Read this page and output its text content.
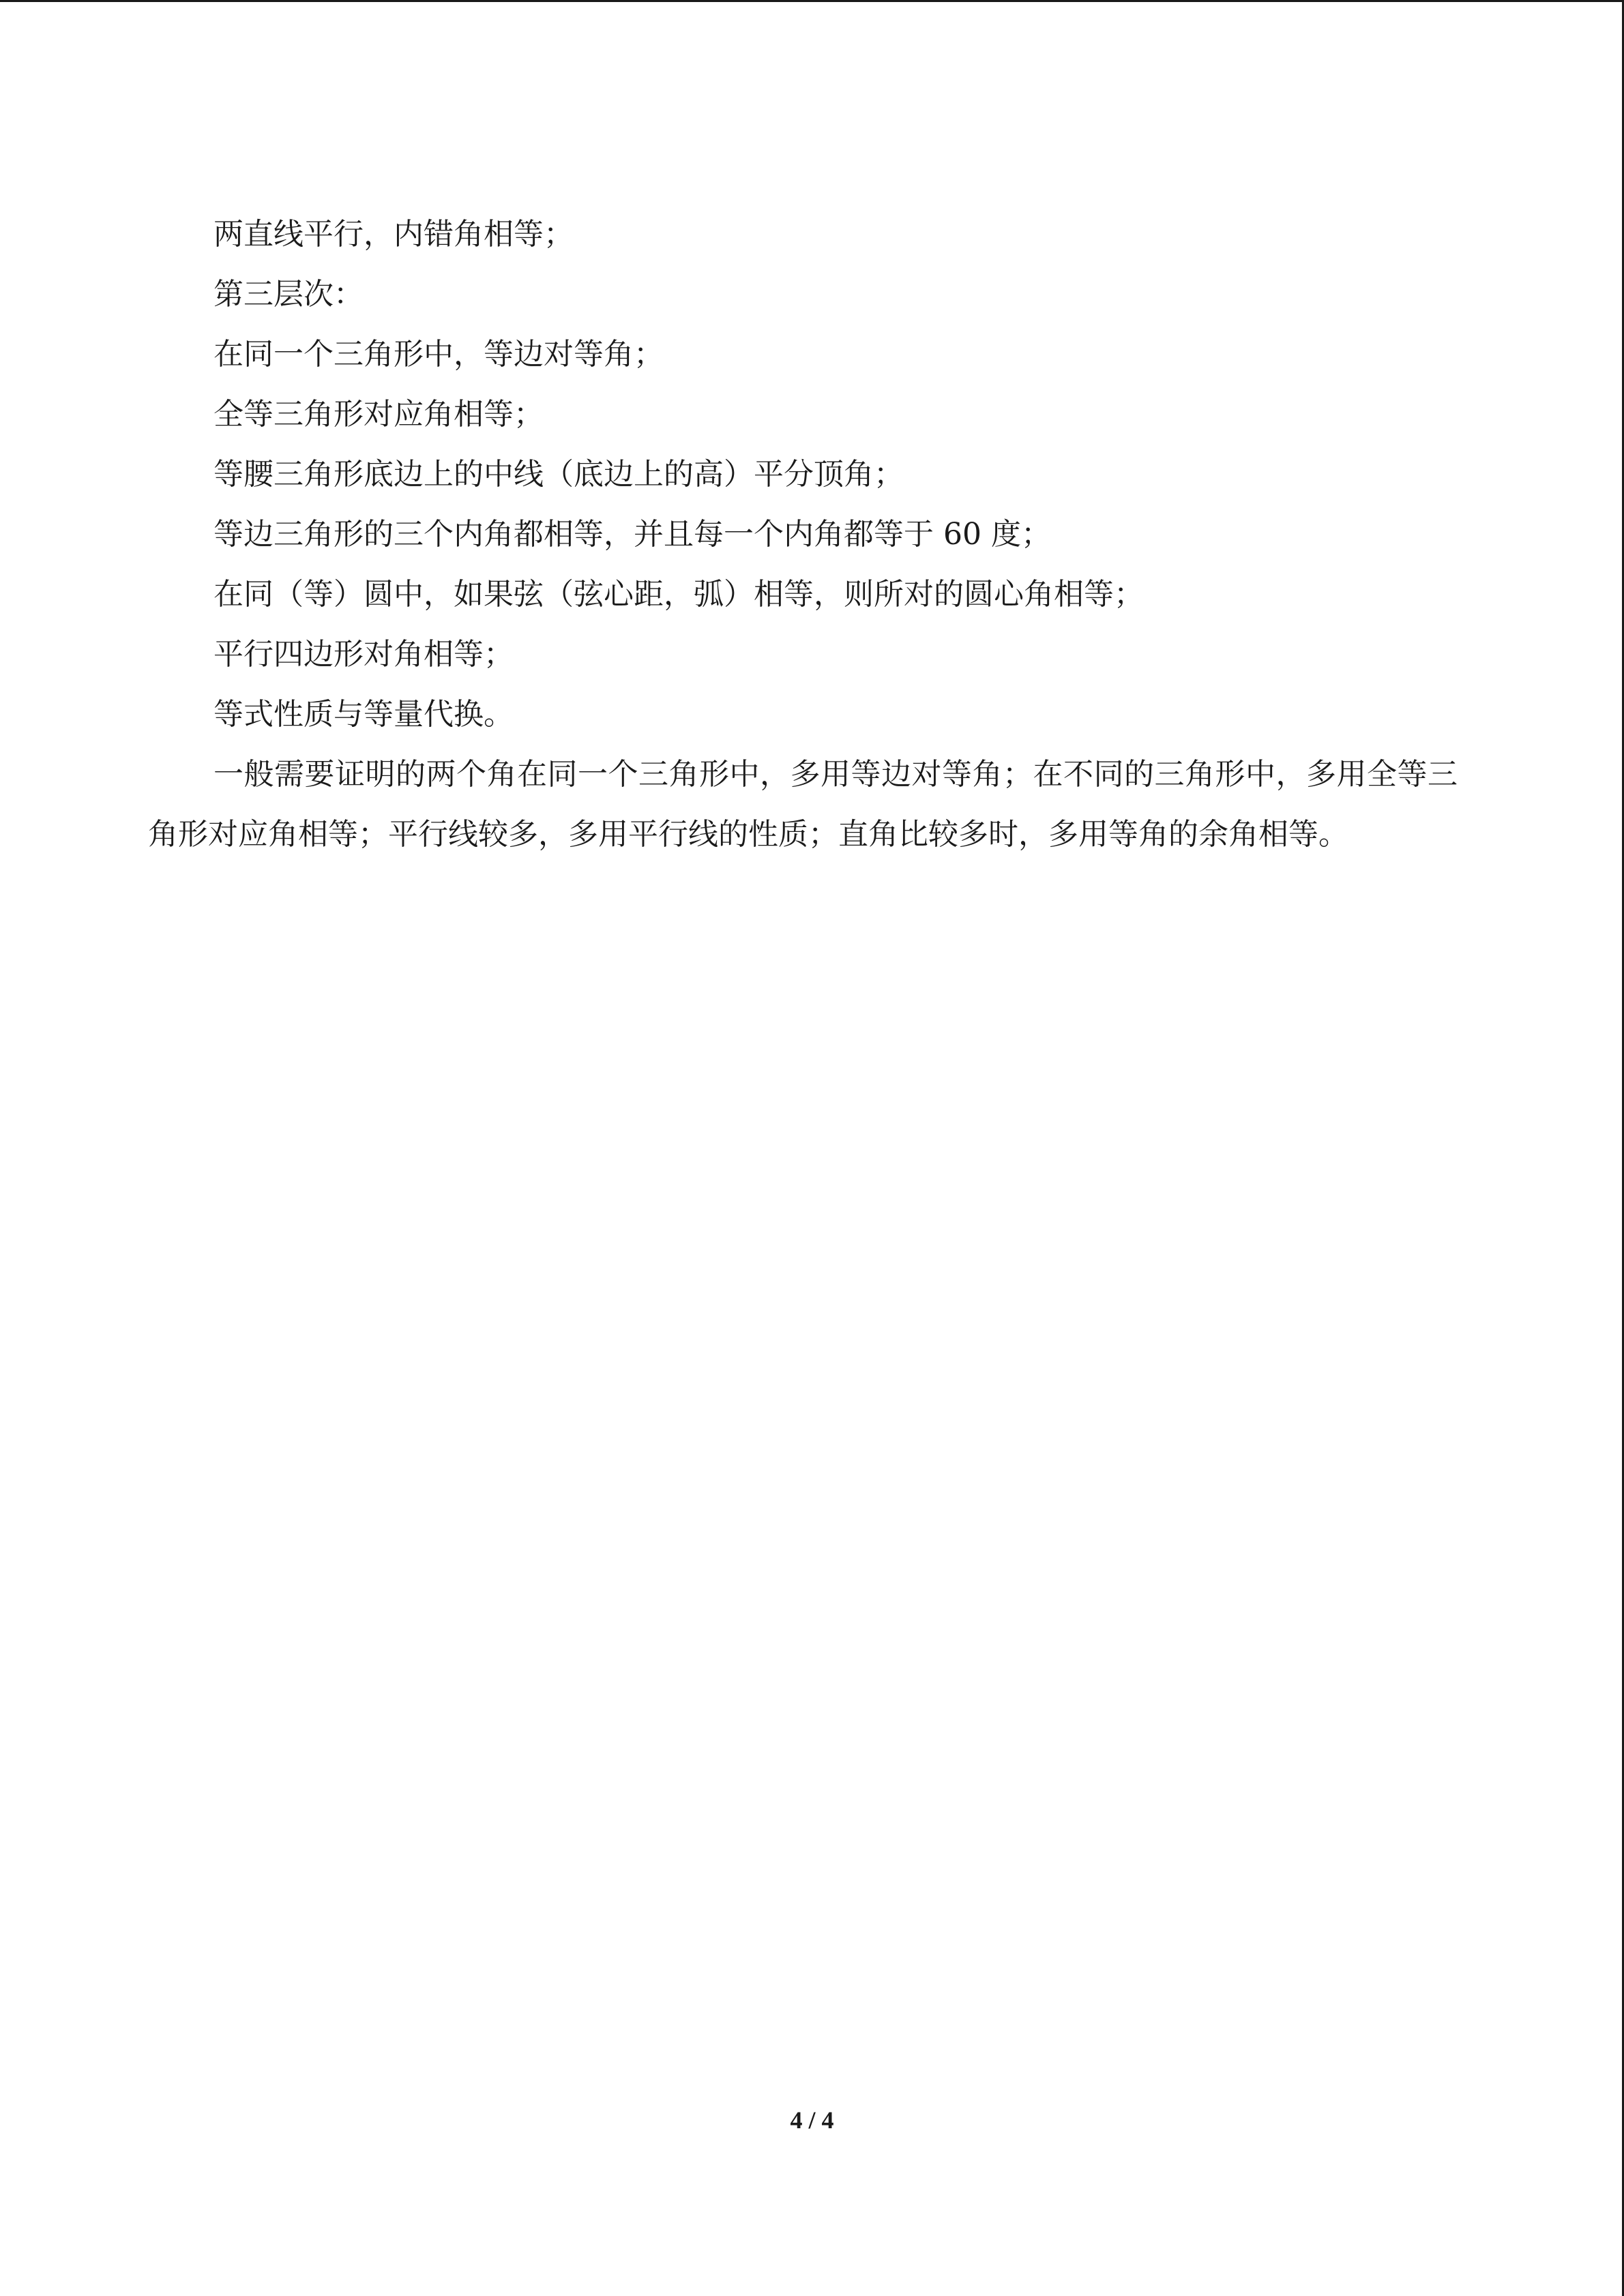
两直线平行，内错角相等；

第三层次：

在同一个三角形中，等边对等角；

全等三角形对应角相等；

等腰三角形底边上的中线（底边上的高）平分顶角；

等边三角形的三个内角都相等，并且每一个内角都等于 60 度；

在同（等）圆中，如果弦（弦心距，弧）相等，则所对的圆心角相等；

平行四边形对角相等；

等式性质与等量代换。

一般需要证明的两个角在同一个三角形中，多用等边对等角；在不同的三角形中，多用全等三角形对应角相等；平行线较多，多用平行线的性质；直角比较多时，多用等角的余角相等。

4 / 4
